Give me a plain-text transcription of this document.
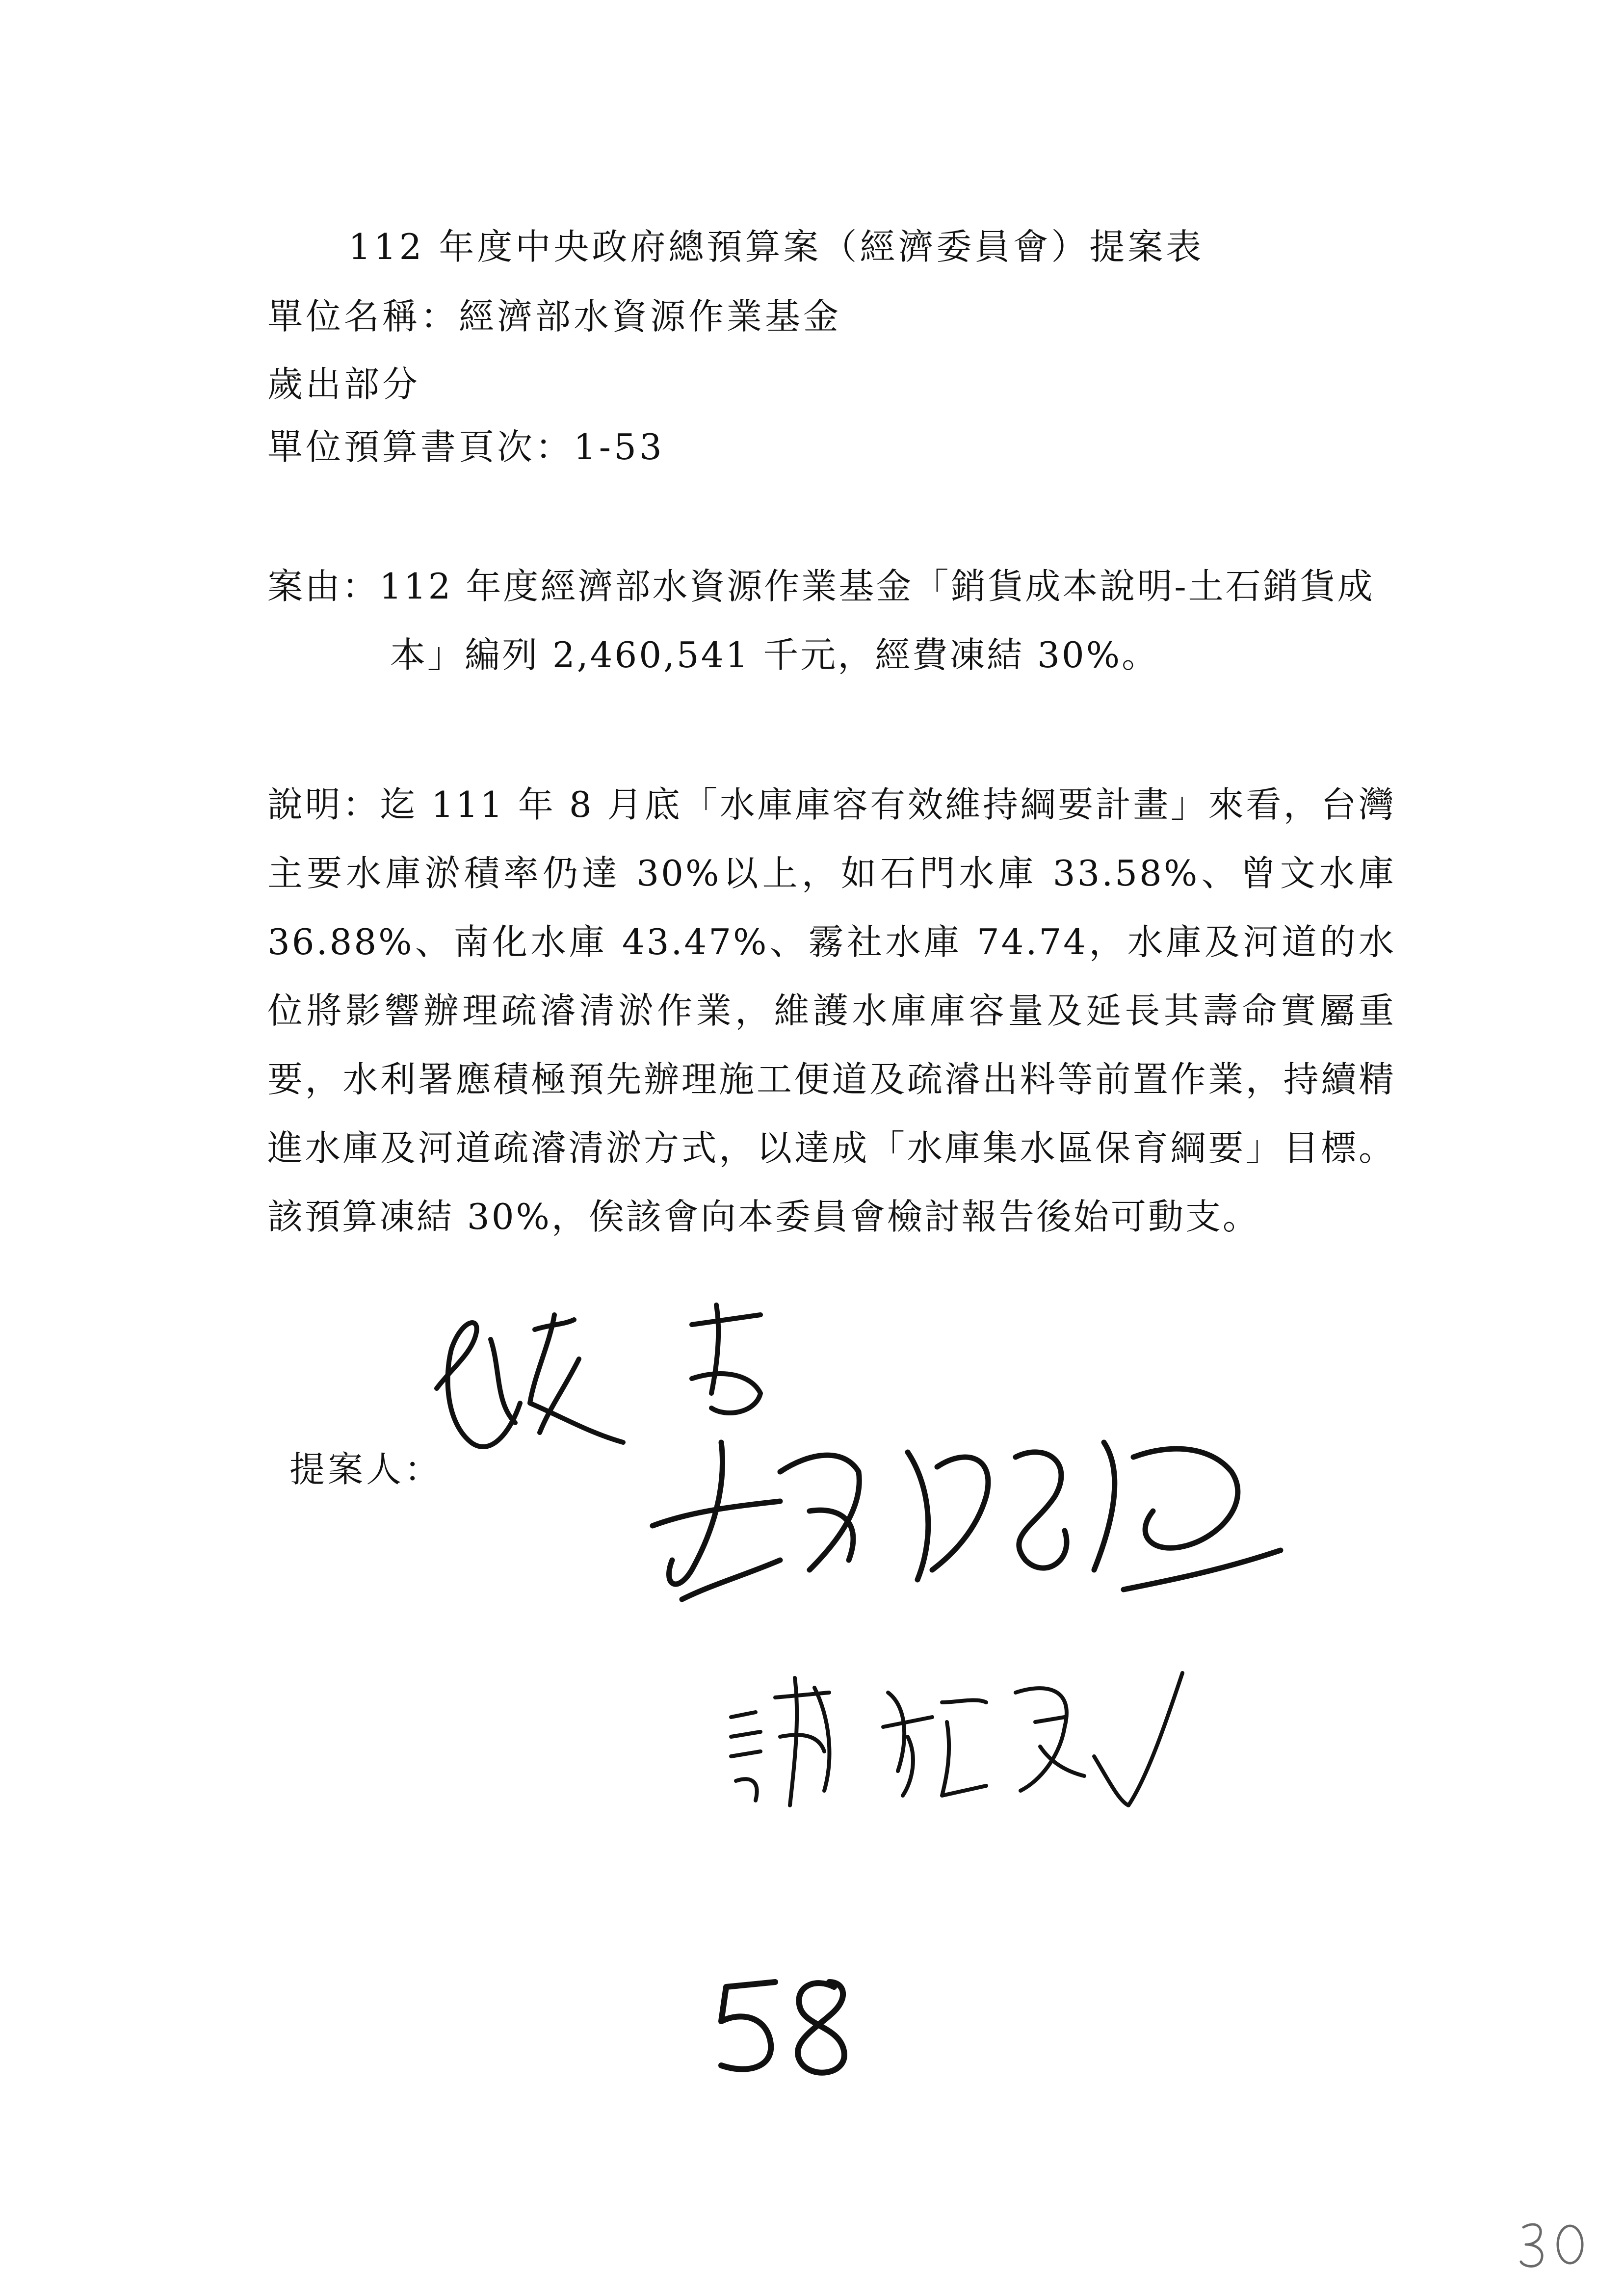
112 年度中央政府總預算案（經濟委員會）提案表
單位名稱：經濟部水資源作業基金
歲出部分
單位預算書頁次：1-53
案由：112 年度經濟部水資源作業基金「銷貨成本說明-土石銷貨成本」編列 2,460,541 千元，經費凍結 30%。
說明：迄 111 年 8 月底「水庫庫容有效維持綱要計畫」來看，台灣主要水庫淤積率仍達 30%以上，如石門水庫 33.58%、曾文水庫 36.88%、南化水庫 43.47%、霧社水庫 74.74，水庫及河道的水位將影響辦理疏濬清淤作業，維護水庫庫容量及延長其壽命實屬重要，水利署應積極預先辦理施工便道及疏濬出料等前置作業，持續精進水庫及河道疏濬清淤方式，以達成「水庫集水區保育綱要」目標。該預算凍結 30%，俟該會向本委員會檢討報告後始可動支。
提案人：
